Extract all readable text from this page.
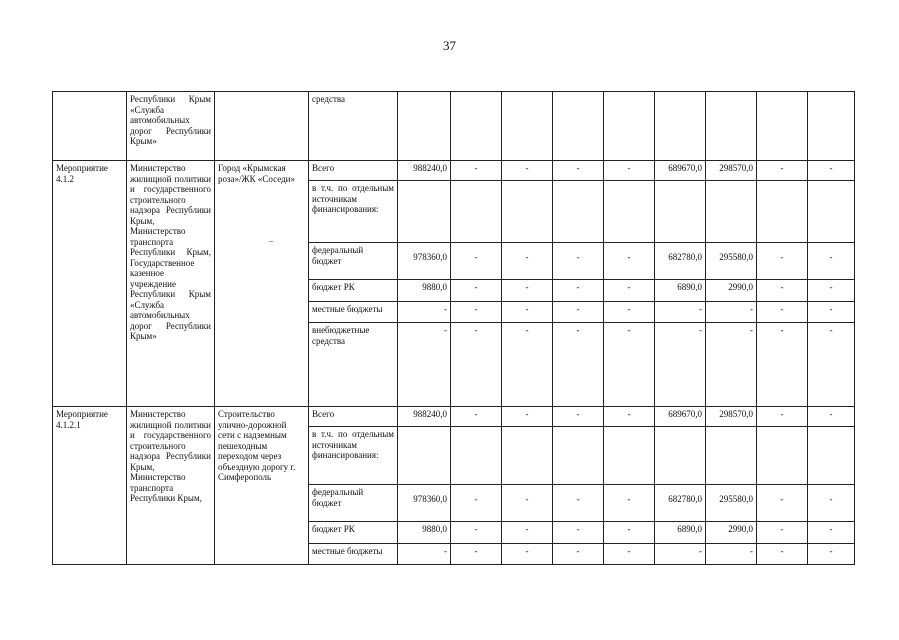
37
	Республики Крым «Служба автомобильных дорог Республики Крым»		средства									
Мероприятие 4.1.2	Министерство жилищной политики и государственного строительного надзора Республики Крым, Министерство транспорта Республики Крым, Государственное казенное учреждение Республики Крым «Служба автомобильных дорог Республики Крым»	Город «Крымская роза»/ЖК «Соседи»	Всего	988240,0	-	-	-	-	689670,0	298570,0	-	-
			в т.ч. по отдельным источникам финансирования:									
			федеральный бюджет	978360,0	-	-	-	-	682780,0	295580,0	-	-
			бюджет РК	9880,0	-	-	-	-	6890,0	2990,0	-	-
			местные бюджеты	-	-	-	-	-	-	-	-	-
			внебюджетные средства	-	-	-	-	-	-	-	-	-
Мероприятие 4.1.2.1	Министерство жилищной политики и государственного строительного надзора Республики Крым, Министерство транспорта Республики Крым,	Строительство улично-дорожной сети с надземным пешеходным переходом через объездную дорогу г. Симферополь	Всего	988240,0	-	-	-	-	689670,0	298570,0	-	-
			в т.ч. по отдельным источникам финансирования:									
			федеральный бюджет	978360,0	-	-	-	-	682780,0	295580,0	-	-
			бюджет РК	9880,0	-	-	-	-	6890,0	2990,0	-	-
			местные бюджеты	-	-	-	-	-	-	-	-	-
⌣
